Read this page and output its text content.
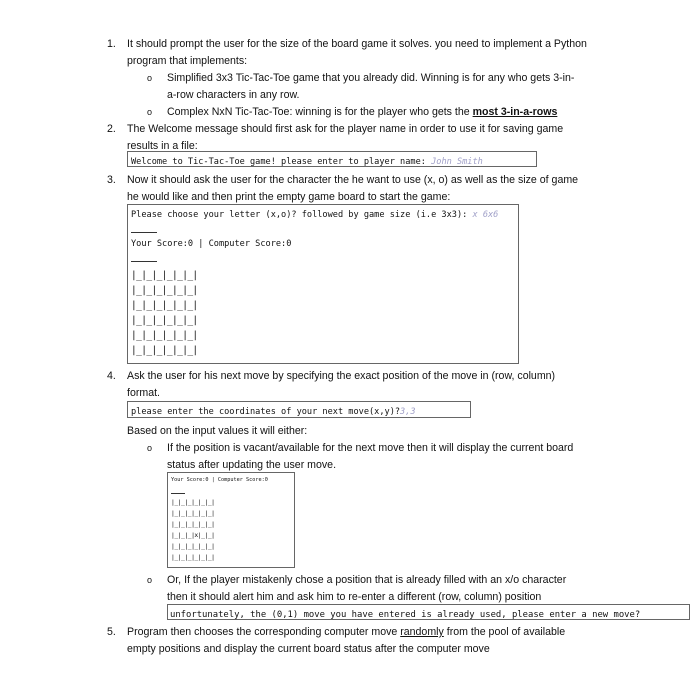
1. It should prompt the user for the size of the board game it solves. you need to implement a Python
program that implements:
o Simplified 3x3 Tic-Tac-Toe game that you already did. Winning is for any who gets 3-in-
a-row characters in any row.
o Complex NxN Tic-Tac-Toe: winning is for the player who gets the most 3-in-a-rows
2. The Welcome message should first ask for the player name in order to use it for saving game
results in a file:
Welcome to Tic-Tac-Toe game! please enter to player name: John Smith
3. Now it should ask the user for the character the he want to use (x, o) as well as the size of game
he would like and then print the empty game board to start the game:
Please choose your letter (x,o)? followed by game size (i.e 3x3): x 6x6
Your Score:0 | Computer Score:0
|_|_|_|_|_|_|
|_|_|_|_|_|_|
|_|_|_|_|_|_|
|_|_|_|_|_|_|
|_|_|_|_|_|_|
|_|_|_|_|_|_|
4. Ask the user for his next move by specifying the exact position of the move in (row, column)
format.
please enter the coordinates of your next move(x,y)?3,3
Based on the input values it will either:
o If the position is vacant/available for the next move then it will display the current board
status after updating the user move.
Your Score:0 | Computer Score:0
|_|_|_|_|_|_|
|_|_|_|_|_|_|
|_|_|_|_|_|_|
|_|_|_|x|_|_|
|_|_|_|_|_|_|
|_|_|_|_|_|_|
o Or, If the player mistakenly chose a position that is already filled with an x/o character
then it should alert him and ask him to re-enter a different (row, column) position
unfortunately, the (0,1) move you have entered is already used, please enter a new move?
5. Program then chooses the corresponding computer move randomly from the pool of available
empty positions and display the current board status after the computer move
